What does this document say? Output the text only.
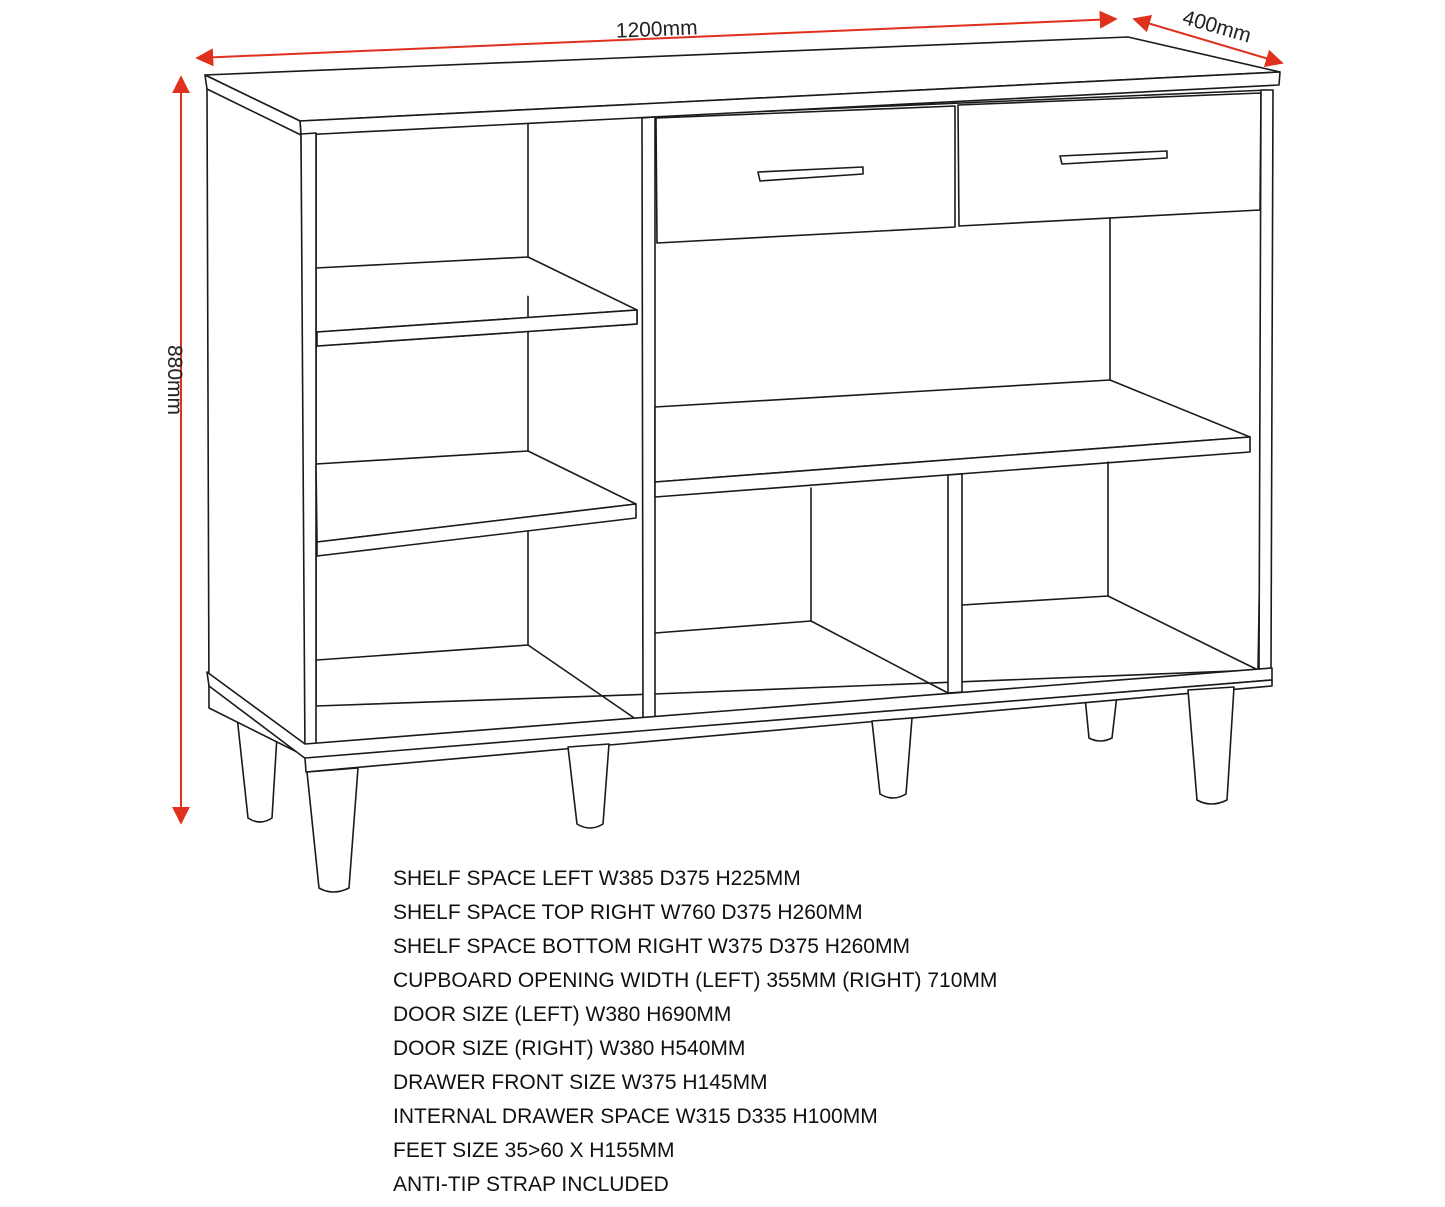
1200mm	400mm
880mm
SHELF SPACE LEFT W385 D375 H225MM
SHELF SPACE TOP RIGHT W760 D375 H260MM
SHELF SPACE BOTTOM RIGHT W375 D375 H260MM
CUPBOARD OPENING WIDTH (LEFT) 355MM (RIGHT) 710MM
DOOR SIZE (LEFT) W380 H690MM
DOOR SIZE (RIGHT) W380 H540MM
DRAWER FRONT SIZE W375 H145MM
INTERNAL DRAWER SPACE W315 D335 H100MM
FEET SIZE 35>60 X H155MM
ANTI-TIP STRAP INCLUDED
